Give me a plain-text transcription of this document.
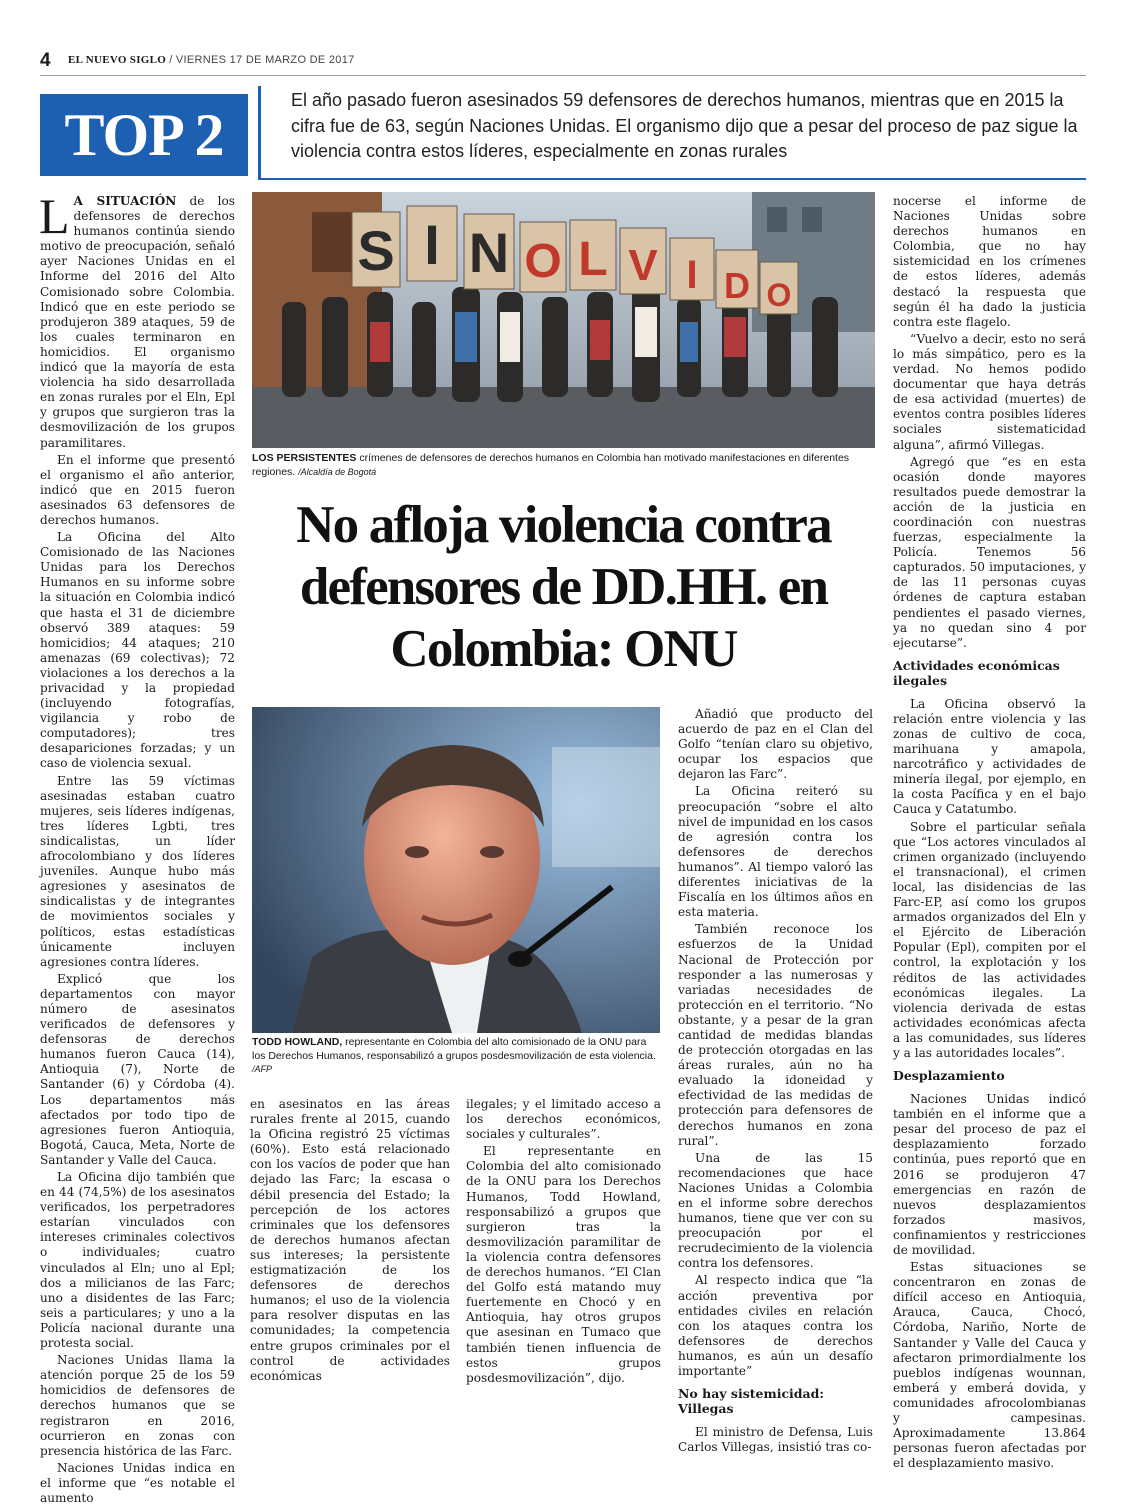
4 EL NUEVO SIGLO / VIERNES 17 DE MARZO DE 2017
TOP 2
El año pasado fueron asesinados 59 defensores de derechos humanos, mientras que en 2015 la cifra fue de 63, según Naciones Unidas. El organismo dijo que a pesar del proceso de paz sigue la violencia contra estos líderes, especialmente en zonas rurales

L A SITUACIÓN de los defensores de derechos humanos continúa siendo motivo de preocupación, señaló ayer Naciones Unidas en el Informe del 2016 del Alto Comisionado sobre Colombia. Indicó que en este periodo se produjeron 389 ataques, 59 de los cuales terminaron en homicidios. El organismo indicó que la mayoría de esta violencia ha sido desarrollada en zonas rurales por el Eln, Epl y grupos que surgieron tras la desmovilización de los grupos paramilitares.

En el informe que presentó el organismo el año anterior, indicó que en 2015 fueron asesinados 63 defensores de derechos humanos.

La Oficina del Alto Comisionado de las Naciones Unidas para los Derechos Humanos en su informe sobre la situación en Colombia indicó que hasta el 31 de diciembre observó 389 ataques: 59 homicidios; 44 ataques; 210 amenazas (69 colectivas); 72 violaciones a los derechos a la privacidad y la propiedad (incluyendo fotografías, vigilancia y robo de computadores); tres desapariciones forzadas; y un caso de violencia sexual.

Entre las 59 víctimas asesinadas estaban cuatro mujeres, seis líderes indígenas, tres líderes Lgbti, tres sindicalistas, un líder afrocolombiano y dos líderes juveniles. Aunque hubo más agresiones y asesinatos de sindicalistas y de integrantes de movimientos sociales y políticos, estas estadísticas únicamente incluyen agresiones contra líderes.

Explicó que los departamentos con mayor número de asesinatos verificados de defensores y defensoras de derechos humanos fueron Cauca (14), Antioquia (7), Norte de Santander (6) y Córdoba (4). Los departamentos más afectados por todo tipo de agresiones fueron Antioquia, Bogotá, Cauca, Meta, Norte de Santander y Valle del Cauca.

La Oficina dijo también que en 44 (74,5%) de los asesinatos verificados, los perpetradores estarían vinculados con intereses criminales colectivos o individuales; cuatro vinculados al Eln; uno al Epl; dos a milicianos de las Farc; uno a disidentes de las Farc; seis a particulares; y uno a la Policía nacional durante una protesta social.

Naciones Unidas llama la atención porque 25 de los 59 homicidios de defensores de derechos humanos que se registraron en 2016, ocurrieron en zonas con presencia histórica de las Farc.

Naciones Unidas indica en el informe que “es notable el aumento

S I N O L V I D O
LOS PERSISTENTES crímenes de defensores de derechos humanos en Colombia han motivado manifestaciones en diferentes regiones. /Alcaldía de Bogotá
No afloja violencia contra defensores de DD.HH. en Colombia: ONU
TODD HOWLAND, representante en Colombia del alto comisionado de la ONU para los Derechos Humanos, responsabilizó a grupos posdesmovilización de esta violencia. /AFP

en asesinatos en las áreas rurales frente al 2015, cuando la Oficina registró 25 víctimas (60%). Esto está relacionado con los vacíos de poder que han dejado las Farc; la escasa o débil presencia del Estado; la percepción de los actores criminales que los defensores de derechos humanos afectan sus intereses; la persistente estigmatización de los defensores de derechos humanos; el uso de la violencia para resolver disputas en las comunidades; la competencia entre grupos criminales por el control de actividades económicas

ilegales; y el limitado acceso a los derechos económicos, sociales y culturales”.

El representante en Colombia del alto comisionado de la ONU para los Derechos Humanos, Todd Howland, responsabilizó a grupos que surgieron tras la desmovilización paramilitar de la violencia contra defensores de derechos humanos. “El Clan del Golfo está matando muy fuertemente en Chocó y en Antioquia, hay otros grupos que asesinan en Tumaco que también tienen influencia de estos grupos posdesmovilización”, dijo.

Añadió que producto del acuerdo de paz en el Clan del Golfo “tenían claro su objetivo, ocupar los espacios que dejaron las Farc”.

La Oficina reiteró su preocupación “sobre el alto nivel de impunidad en los casos de agresión contra los defensores de derechos humanos”. Al tiempo valoró las diferentes iniciativas de la Fiscalía en los últimos años en esta materia.

También reconoce los esfuerzos de la Unidad Nacional de Protección por responder a las numerosas y variadas necesidades de protección en el territorio. “No obstante, y a pesar de la gran cantidad de medidas blandas de protección otorgadas en las áreas rurales, aún no ha evaluado la idoneidad y efectividad de las medidas de protección para defensores de derechos humanos en zona rural”.

Una de las 15 recomendaciones que hace Naciones Unidas a Colombia en el informe sobre derechos humanos, tiene que ver con su preocupación por el recrudecimiento de la violencia contra los defensores.

Al respecto indica que “la acción preventiva por entidades civiles en relación con los ataques contra los defensores de derechos humanos, es aún un desafío importante”

No hay sistemicidad: Villegas

El ministro de Defensa, Luis Carlos Villegas, insistió tras co-

nocerse el informe de Naciones Unidas sobre derechos humanos en Colombia, que no hay sistemicidad en los crímenes de estos líderes, además destacó la respuesta que según él ha dado la justicia contra este flagelo.

“Vuelvo a decir, esto no será lo más simpático, pero es la verdad. No hemos podido documentar que haya detrás de esa actividad (muertes) de eventos contra posibles líderes sociales sistematicidad alguna”, afirmó Villegas.

Agregó que “es en esta ocasión donde mayores resultados puede demostrar la acción de la justicia en coordinación con nuestras fuerzas, especialmente la Policía. Tenemos 56 capturados. 50 imputaciones, y de las 11 personas cuyas órdenes de captura estaban pendientes el pasado viernes, ya no quedan sino 4 por ejecutarse”.

Actividades económicas ilegales

La Oficina observó la relación entre violencia y las zonas de cultivo de coca, marihuana y amapola, narcotráfico y actividades de minería ilegal, por ejemplo, en la costa Pacífica y en el bajo Cauca y Catatumbo.

Sobre el particular señala que “Los actores vinculados al crimen organizado (incluyendo el transnacional), el crimen local, las disidencias de las Farc-EP, así como los grupos armados organizados del Eln y el Ejército de Liberación Popular (Epl), compiten por el control, la explotación y los réditos de las actividades económicas ilegales. La violencia derivada de estas actividades económicas afecta a las comunidades, sus líderes y a las autoridades locales”.

Desplazamiento

Naciones Unidas indicó también en el informe que a pesar del proceso de paz el desplazamiento forzado continúa, pues reportó que en 2016 se produjeron 47 emergencias en razón de nuevos desplazamientos forzados masivos, confinamientos y restricciones de movilidad.

Estas situaciones se concentraron en zonas de difícil acceso en Antioquia, Arauca, Cauca, Chocó, Córdoba, Nariño, Norte de Santander y Valle del Cauca y afectaron primordialmente los pueblos indígenas wounnan, emberá y emberá dovida, y comunidades afrocolombianas y campesinas. Aproximadamente 13.864 personas fueron afectadas por el desplazamiento masivo.
